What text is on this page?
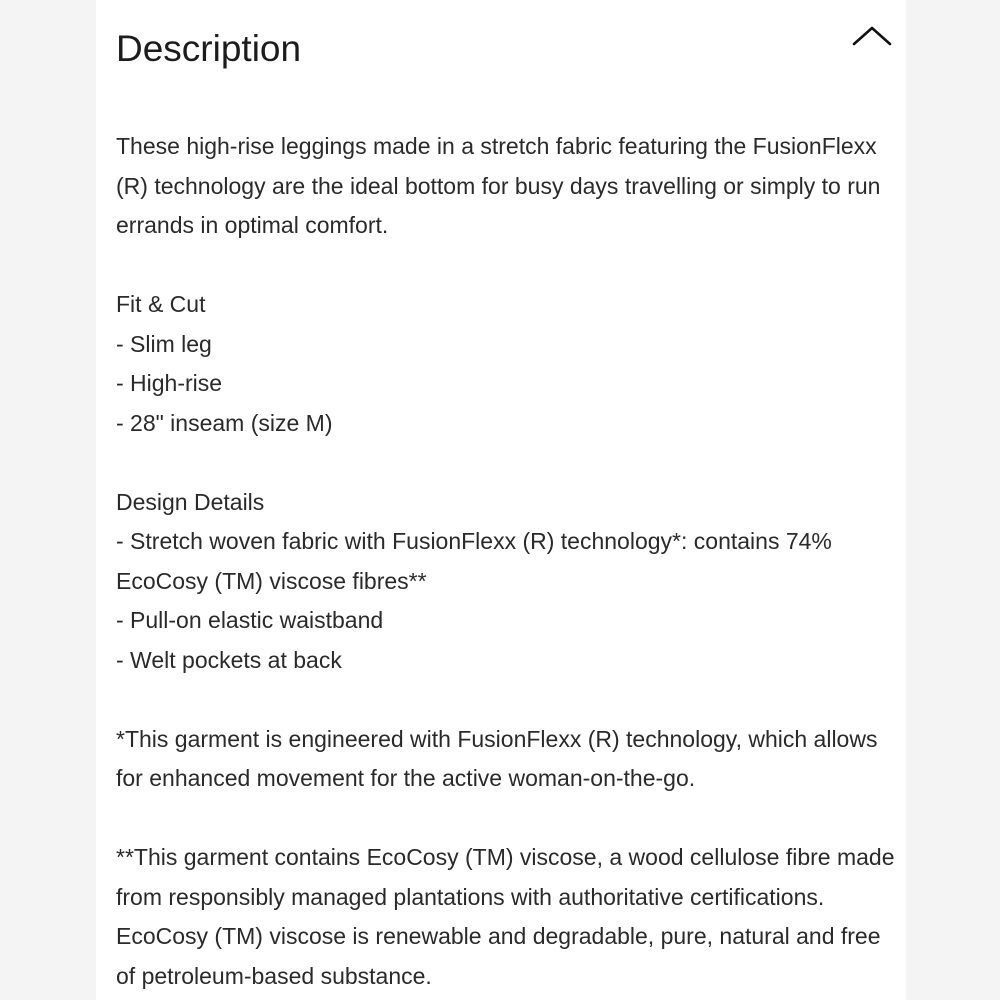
Description

These high-rise leggings made in a stretch fabric featuring the FusionFlexx (R) technology are the ideal bottom for busy days travelling or simply to run errands in optimal comfort.

Fit & Cut
- Slim leg
- High-rise
- 28" inseam (size M)

Design Details
- Stretch woven fabric with FusionFlexx (R) technology*: contains 74% EcoCosy (TM) viscose fibres**
- Pull-on elastic waistband
- Welt pockets at back

*This garment is engineered with FusionFlexx (R) technology, which allows for enhanced movement for the active woman-on-the-go.

**This garment contains EcoCosy (TM) viscose, a wood cellulose fibre made from responsibly managed plantations with authoritative certifications. EcoCosy (TM) viscose is renewable and degradable, pure, natural and free of petroleum-based substance.
